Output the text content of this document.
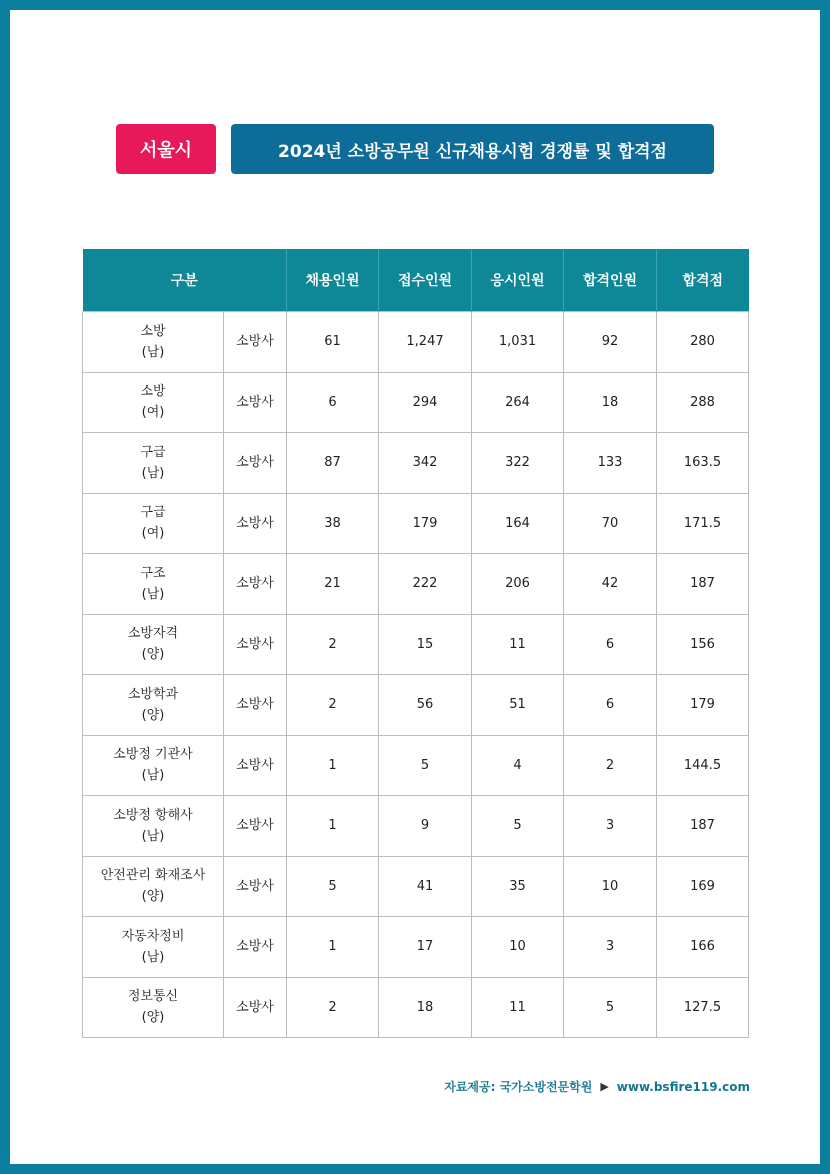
서울시	2024년 소방공무원 신규채용시험 경쟁률 및 합격점
구분		채용인원	접수인원	응시인원	합격인원	합격점

소방
(남)	소방사	61	1,247	1,031	92	280

소방
(여)	소방사	6	294	264	18	288

구급
(남)	소방사	87	342	322	133	163.5

구급
(여)	소방사	38	179	164	70	171.5

구조
(남)	소방사	21	222	206	42	187

소방자격
(양)	소방사	2	15	11	6	156

소방학과
(양)	소방사	2	56	51	6	179

소방정 기관사
(남)	소방사	1	5	4	2	144.5

소방정 항해사
(남)	소방사	1	9	5	3	187

안전관리 화재조사
(양)	소방사	5	41	35	10	169

자동차정비
(남)	소방사	1	17	10	3	166

정보통신
(양)	소방사	2	18	11	5	127.5
자료제공: 국가소방전문학원 ▶ www.bsfire119.com
